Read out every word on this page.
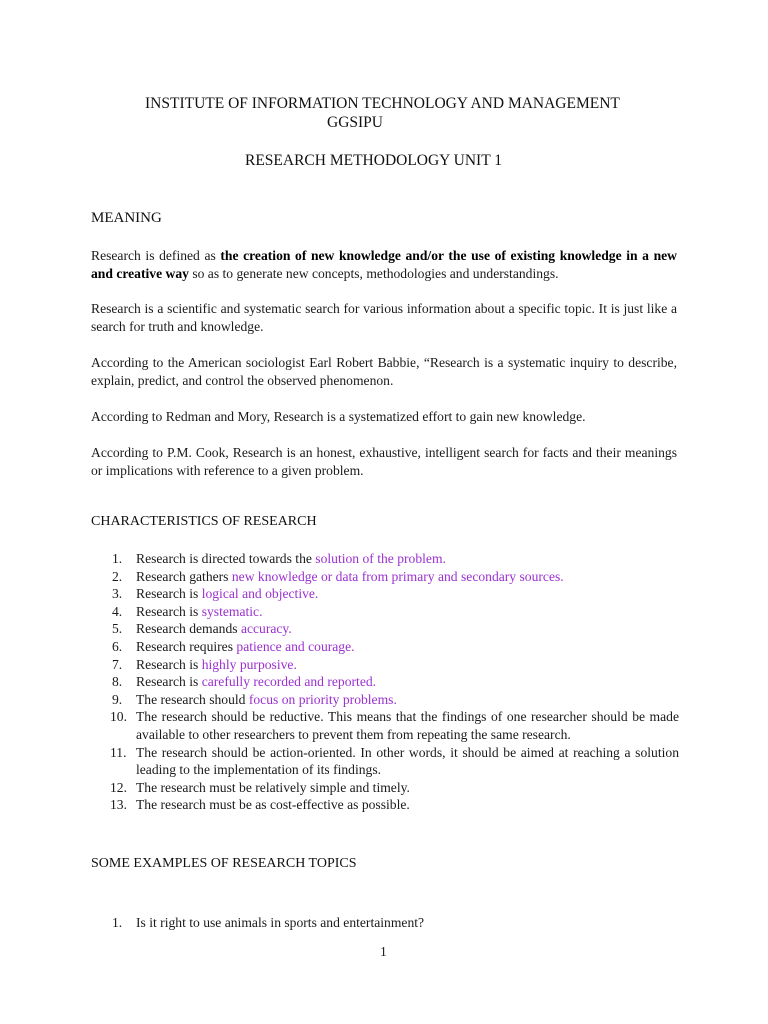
INSTITUTE OF INFORMATION TECHNOLOGY AND MANAGEMENT
GGSIPU
RESEARCH METHODOLOGY UNIT 1
MEANING
Research is defined as the creation of new knowledge and/or the use of existing knowledge in a new and creative way so as to generate new concepts, methodologies and understandings.
Research is a scientific and systematic search for various information about a specific topic. It is just like a search for truth and knowledge.
According to the American sociologist Earl Robert Babbie, “Research is a systematic inquiry to describe, explain, predict, and control the observed phenomenon.
According to Redman and Mory, Research is a systematized effort to gain new knowledge.
According to P.M. Cook, Research is an honest, exhaustive, intelligent search for facts and their meanings or implications with reference to a given problem.
CHARACTERISTICS OF RESEARCH
1.	Research is directed towards the solution of the problem.
2.	Research gathers new knowledge or data from primary and secondary sources.
3.	Research is logical and objective.
4.	Research is systematic.
5.	Research demands accuracy.
6.	Research requires patience and courage.
7.	Research is highly purposive.
8.	Research is carefully recorded and reported.
9.	The research should focus on priority problems.
10. The research should be reductive. This means that the findings of one researcher should be made available to other researchers to prevent them from repeating the same research.
11. The research should be action-oriented. In other words, it should be aimed at reaching a solution leading to the implementation of its findings.
12. The research must be relatively simple and timely.
13. The research must be as cost-effective as possible.
SOME EXAMPLES OF RESEARCH TOPICS
1.	Is it right to use animals in sports and entertainment?
1
